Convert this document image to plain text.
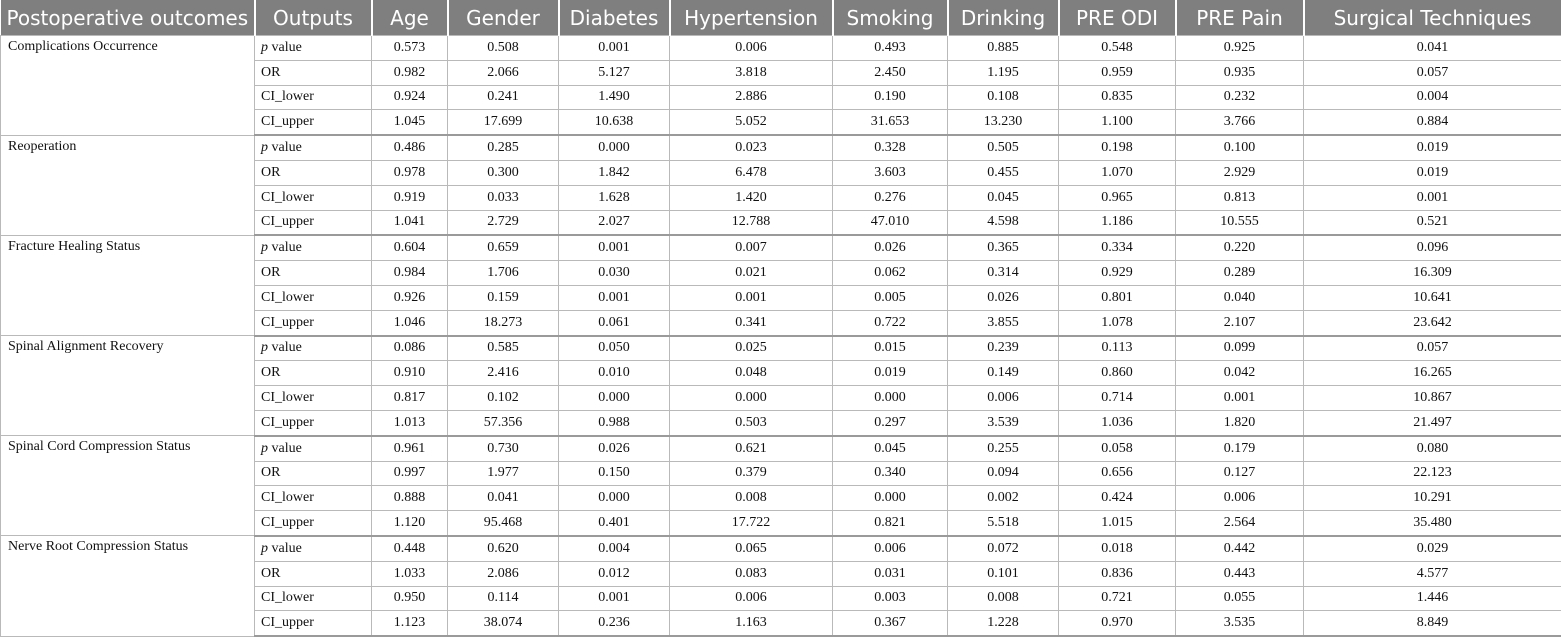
Postoperative outcomes	Outputs	Age	Gender	Diabetes	Hypertension	Smoking	Drinking	PRE ODI	PRE Pain	Surgical Techniques
Complications Occurrence	p value	0.573	0.508	0.001	0.006	0.493	0.885	0.548	0.925	0.041
	OR	0.982	2.066	5.127	3.818	2.450	1.195	0.959	0.935	0.057
	CI_lower	0.924	0.241	1.490	2.886	0.190	0.108	0.835	0.232	0.004
	CI_upper	1.045	17.699	10.638	5.052	31.653	13.230	1.100	3.766	0.884
Reoperation	p value	0.486	0.285	0.000	0.023	0.328	0.505	0.198	0.100	0.019
	OR	0.978	0.300	1.842	6.478	3.603	0.455	1.070	2.929	0.019
	CI_lower	0.919	0.033	1.628	1.420	0.276	0.045	0.965	0.813	0.001
	CI_upper	1.041	2.729	2.027	12.788	47.010	4.598	1.186	10.555	0.521
Fracture Healing Status	p value	0.604	0.659	0.001	0.007	0.026	0.365	0.334	0.220	0.096
	OR	0.984	1.706	0.030	0.021	0.062	0.314	0.929	0.289	16.309
	CI_lower	0.926	0.159	0.001	0.001	0.005	0.026	0.801	0.040	10.641
	CI_upper	1.046	18.273	0.061	0.341	0.722	3.855	1.078	2.107	23.642
Spinal Alignment Recovery	p value	0.086	0.585	0.050	0.025	0.015	0.239	0.113	0.099	0.057
	OR	0.910	2.416	0.010	0.048	0.019	0.149	0.860	0.042	16.265
	CI_lower	0.817	0.102	0.000	0.000	0.000	0.006	0.714	0.001	10.867
	CI_upper	1.013	57.356	0.988	0.503	0.297	3.539	1.036	1.820	21.497
Spinal Cord Compression Status	p value	0.961	0.730	0.026	0.621	0.045	0.255	0.058	0.179	0.080
	OR	0.997	1.977	0.150	0.379	0.340	0.094	0.656	0.127	22.123
	CI_lower	0.888	0.041	0.000	0.008	0.000	0.002	0.424	0.006	10.291
	CI_upper	1.120	95.468	0.401	17.722	0.821	5.518	1.015	2.564	35.480
Nerve Root Compression Status	p value	0.448	0.620	0.004	0.065	0.006	0.072	0.018	0.442	0.029
	OR	1.033	2.086	0.012	0.083	0.031	0.101	0.836	0.443	4.577
	CI_lower	0.950	0.114	0.001	0.006	0.003	0.008	0.721	0.055	1.446
	CI_upper	1.123	38.074	0.236	1.163	0.367	1.228	0.970	3.535	8.849
